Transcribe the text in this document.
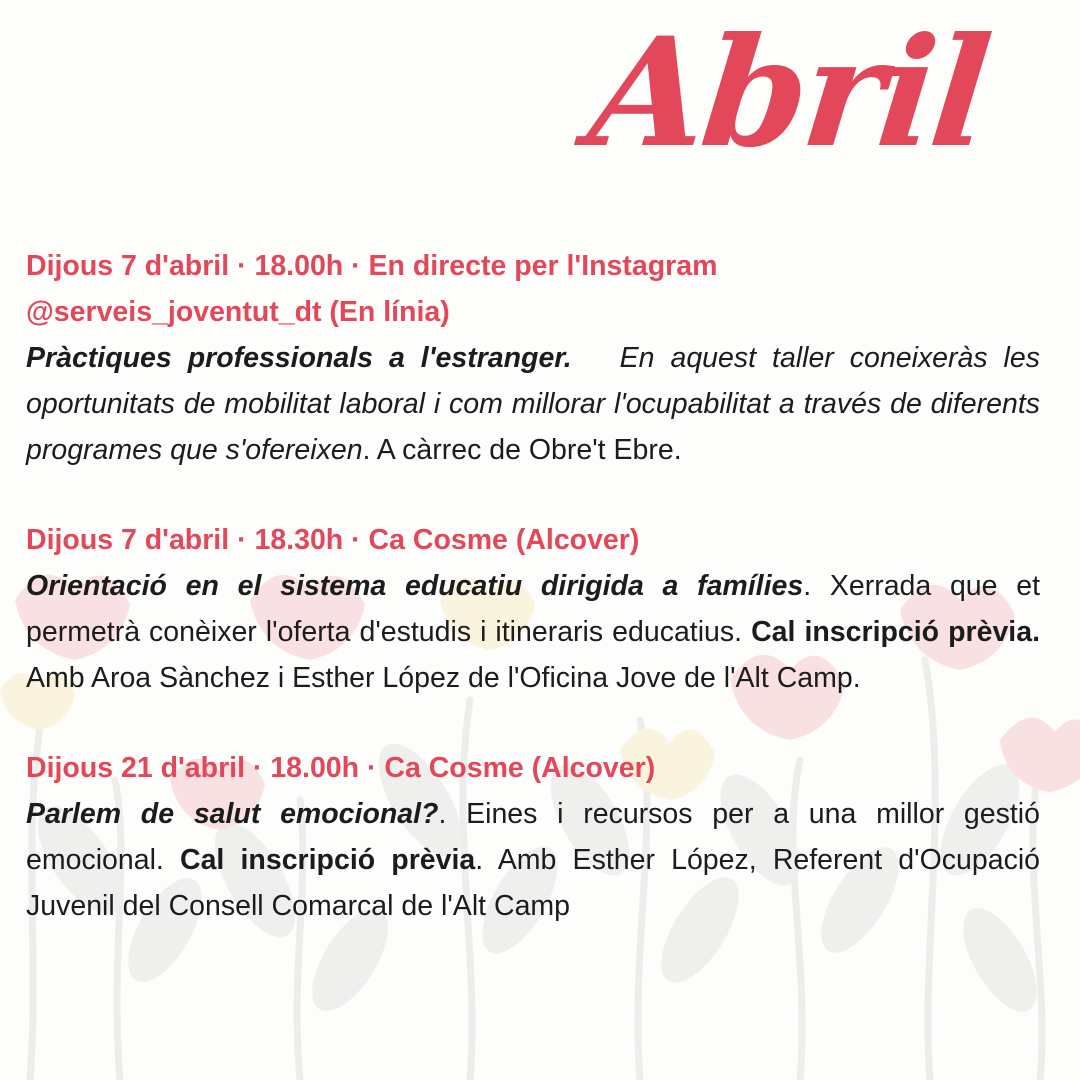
Abril
Dijous 7 d'abril · 18.00h · En directe per l'Instagram
@serveis_joventut_dt (En línia)
Pràctiques professionals a l'estranger. En aquest taller coneixeràs les oportunitats de mobilitat laboral i com millorar l'ocupabilitat a través de diferents programes que s'ofereixen. A càrrec de Obre't Ebre.
Dijous 7 d'abril · 18.30h · Ca Cosme (Alcover)
Orientació en el sistema educatiu dirigida a famílies. Xerrada que et permetrà conèixer l'oferta d'estudis i itineraris educatius. Cal inscripció prèvia. Amb Aroa Sànchez i Esther López de l'Oficina Jove de l'Alt Camp.
Dijous 21 d'abril · 18.00h · Ca Cosme (Alcover)
Parlem de salut emocional?. Eines i recursos per a una millor gestió emocional. Cal inscripció prèvia. Amb Esther López, Referent d'Ocupació Juvenil del Consell Comarcal de l'Alt Camp
